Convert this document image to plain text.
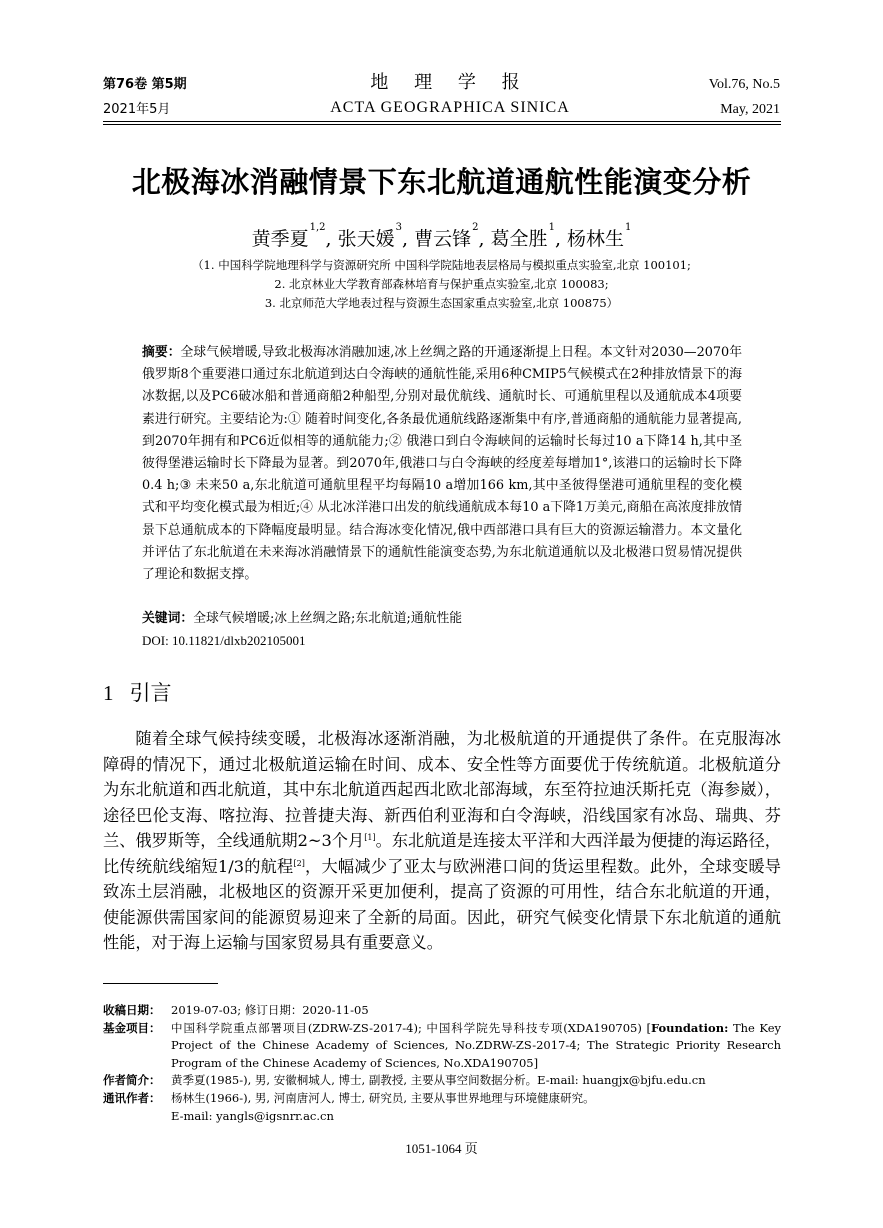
第76卷 第5期
2021年5月
地 理 学 报
ACTA GEOGRAPHICA SINICA
Vol.76, No.5
May, 2021
北极海冰消融情景下东北航道通航性能演变分析
黄季夏$^{1,2}$, 张天媛$^3$, 曹云锋$^2$, 葛全胜$^1$, 杨林生$^1$
（1. 中国科学院地理科学与资源研究所 中国科学院陆地表层格局与模拟重点实验室,北京 100101;
2. 北京林业大学教育部森林培育与保护重点实验室,北京 100083;
3. 北京师范大学地表过程与资源生态国家重点实验室,北京 100875）
摘要：全球气候增暖,导致北极海冰消融加速,冰上丝绸之路的开通逐渐提上日程。本文针对2030—2070年俄罗斯8个重要港口通过东北航道到达白令海峡的通航性能,采用6种CMIP5气候模式在2种排放情景下的海冰数据,以及PC6破冰船和普通商船2种船型,分别对最优航线、通航时长、可通航里程以及通航成本4项要素进行研究。主要结论为:① 随着时间变化,各条最优通航线路逐渐集中有序,普通商船的通航能力显著提高,到2070年拥有和PC6近似相等的通航能力;② 俄港口到白令海峡间的运输时长每过10 a下降14 h,其中圣彼得堡港运输时长下降最为显著。到2070年,俄港口与白令海峡的经度差每增加1°,该港口的运输时长下降0.4 h;③ 未来50 a,东北航道可通航里程平均每隔10 a增加166 km,其中圣彼得堡港可通航里程的变化模式和平均变化模式最为相近;④ 从北冰洋港口出发的航线通航成本每10 a下降1万美元,商船在高浓度排放情景下总通航成本的下降幅度最明显。结合海冰变化情况,俄中西部港口具有巨大的资源运输潜力。本文量化并评估了东北航道在未来海冰消融情景下的通航性能演变态势,为东北航道通航以及北极港口贸易情况提供了理论和数据支撑。
关键词：全球气候增暖;冰上丝绸之路;东北航道;通航性能
DOI: 10.11821/dlxb202105001
1 引言
随着全球气候持续变暖，北极海冰逐渐消融，为北极航道的开通提供了条件。在克服海冰障碍的情况下，通过北极航道运输在时间、成本、安全性等方面要优于传统航道。北极航道分为东北航道和西北航道，其中东北航道西起西北欧北部海域，东至符拉迪沃斯托克（海参崴），途径巴伦支海、喀拉海、拉普捷夫海、新西伯利亚海和白令海峡，沿线国家有冰岛、瑞典、芬兰、俄罗斯等，全线通航期2~3个月[1]。东北航道是连接太平洋和大西洋最为便捷的海运路径，比传统航线缩短1/3的航程[2]，大幅减少了亚太与欧洲港口间的货运里程数。此外，全球变暖导致冻土层消融，北极地区的资源开采更加便利，提高了资源的可用性，结合东北航道的开通，使能源供需国家间的能源贸易迎来了全新的局面。因此，研究气候变化情景下东北航道的通航性能，对于海上运输与国家贸易具有重要意义。
收稿日期： 2019-07-03; 修订日期：2020-11-05
基金项目： 中国科学院重点部署项目(ZDRW-ZS-2017-4); 中国科学院先导科技专项(XDA190705) [Foundation: The Key Project of the Chinese Academy of Sciences, No.ZDRW-ZS-2017-4; The Strategic Priority Research Program of the Chinese Academy of Sciences, No.XDA190705]
作者简介： 黄季夏(1985-), 男, 安徽桐城人, 博士, 副教授, 主要从事空间数据分析。E-mail: huangjx@bjfu.edu.cn
通讯作者： 杨林生(1966-), 男, 河南唐河人, 博士, 研究员, 主要从事世界地理与环境健康研究。
E-mail: yangls@igsnrr.ac.cn
1051-1064 页
